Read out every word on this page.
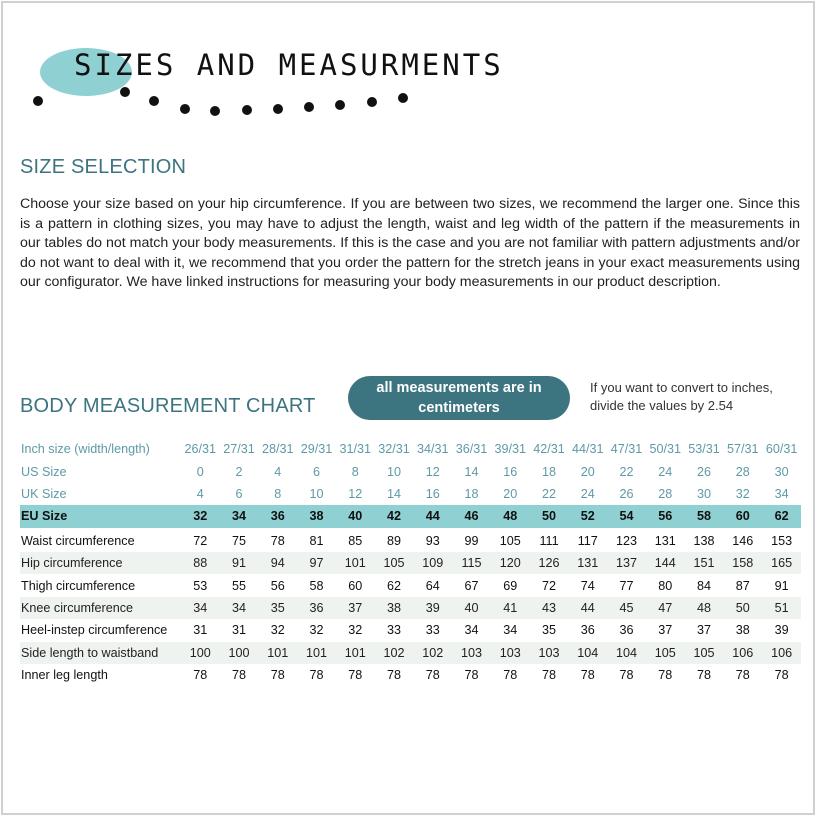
SIZES AND MEASURMENTS
SIZE SELECTION

Choose your size based on your hip circumference. If you are between two sizes, we recommend the larger one. Since this is a pattern in clothing sizes, you may have to adjust the length, waist and leg width of the pattern if the measurements in our tables do not match your body measurements. If this is the case and you are not familiar with pattern adjustments and/or do not want to deal with it, we recommend that you order the pattern for the stretch jeans in your exact measurements using our configurator. We have linked instructions for measuring your body measurements in our product description.

BODY MEASUREMENT CHART
all measurements are in centimeters
If you want to convert to inches, divide the values by 2.54
Inch size (width/length)	26/31	27/31	28/31	29/31	31/31	32/31	34/31	36/31	39/31	42/31	44/31	47/31	50/31	53/31	57/31	60/31
US Size	0	2	4	6	8	10	12	14	16	18	20	22	24	26	28	30
UK Size	4	6	8	10	12	14	16	18	20	22	24	26	28	30	32	34
EU Size	32	34	36	38	40	42	44	46	48	50	52	54	56	58	60	62
Waist circumference	72	75	78	81	85	89	93	99	105	111	117	123	131	138	146	153
Hip circumference	88	91	94	97	101	105	109	115	120	126	131	137	144	151	158	165
Thigh circumference	53	55	56	58	60	62	64	67	69	72	74	77	80	84	87	91
Knee circumference	34	34	35	36	37	38	39	40	41	43	44	45	47	48	50	51
Heel-instep circumference	31	31	32	32	32	33	33	34	34	35	36	36	37	37	38	39
Side length to waistband	100	100	101	101	101	102	102	103	103	103	104	104	105	105	106	106
Inner leg length	78	78	78	78	78	78	78	78	78	78	78	78	78	78	78	78
